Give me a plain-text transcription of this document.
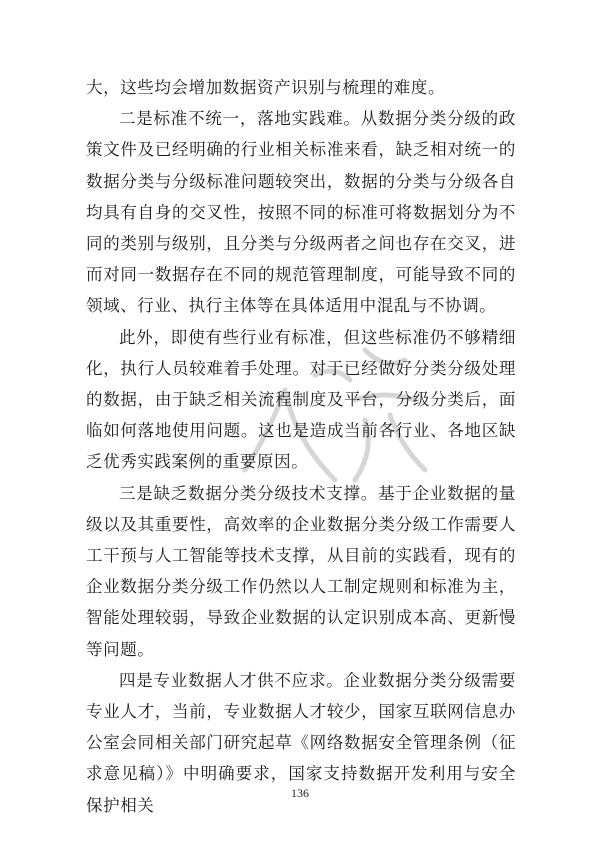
大，这些均会增加数据资产识别与梳理的难度。

二是标准不统一，落地实践难。从数据分类分级的政策文件及已经明确的行业相关标准来看，缺乏相对统一的数据分类与分级标准问题较突出，数据的分类与分级各自均具有自身的交叉性，按照不同的标准可将数据划分为不同的类别与级别，且分类与分级两者之间也存在交叉，进而对同一数据存在不同的规范管理制度，可能导致不同的领域、行业、执行主体等在具体适用中混乱与不协调。

此外，即使有些行业有标准，但这些标准仍不够精细化，执行人员较难着手处理。对于已经做好分类分级处理的数据，由于缺乏相关流程制度及平台，分级分类后，面临如何落地使用问题。这也是造成当前各行业、各地区缺乏优秀实践案例的重要原因。

三是缺乏数据分类分级技术支撑。基于企业数据的量级以及其重要性，高效率的企业数据分类分级工作需要人工干预与人工智能等技术支撑，从目前的实践看，现有的企业数据分类分级工作仍然以人工制定规则和标准为主，智能处理较弱，导致企业数据的认定识别成本高、更新慢等问题。

四是专业数据人才供不应求。企业数据分类分级需要专业人才，当前，专业数据人才较少，国家互联网信息办公室会同相关部门研究起草《网络数据安全管理条例（征求意见稿）》中明确要求，国家支持数据开发利用与安全保护相关

136
